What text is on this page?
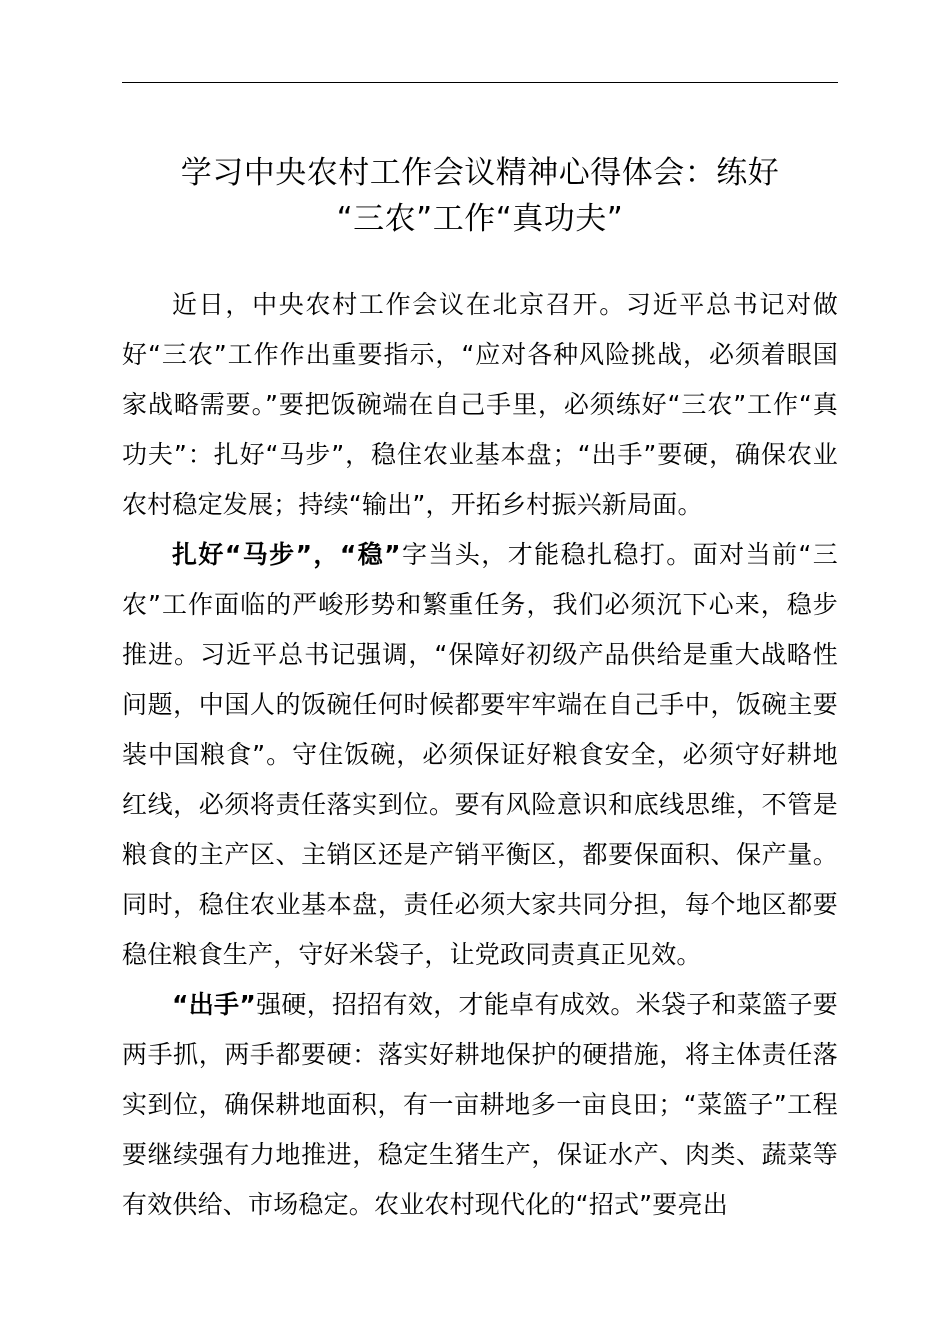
学习中央农村工作会议精神心得体会：练好
“三农”工作“真功夫”

近日，中央农村工作会议在北京召开。习近平总书记对做好“三农”工作作出重要指示，“应对各种风险挑战，必须着眼国家战略需要。”要把饭碗端在自己手里，必须练好“三农”工作“真功夫”：扎好“马步”，稳住农业基本盘；“出手”要硬，确保农业农村稳定发展；持续“输出”，开拓乡村振兴新局面。

扎好“马步”，“稳”字当头，才能稳扎稳打。面对当前“三农”工作面临的严峻形势和繁重任务，我们必须沉下心来，稳步推进。习近平总书记强调，“保障好初级产品供给是重大战略性问题，中国人的饭碗任何时候都要牢牢端在自己手中，饭碗主要装中国粮食”。守住饭碗，必须保证好粮食安全，必须守好耕地红线，必须将责任落实到位。要有风险意识和底线思维，不管是粮食的主产区、主销区还是产销平衡区，都要保面积、保产量。同时，稳住农业基本盘，责任必须大家共同分担，每个地区都要稳住粮食生产，守好米袋子，让党政同责真正见效。

“出手”强硬，招招有效，才能卓有成效。米袋子和菜篮子要两手抓，两手都要硬：落实好耕地保护的硬措施，将主体责任落实到位，确保耕地面积，有一亩耕地多一亩良田；“菜篮子”工程要继续强有力地推进，稳定生猪生产，保证水产、肉类、蔬菜等有效供给、市场稳定。农业农村现代化的“招式”要亮出
